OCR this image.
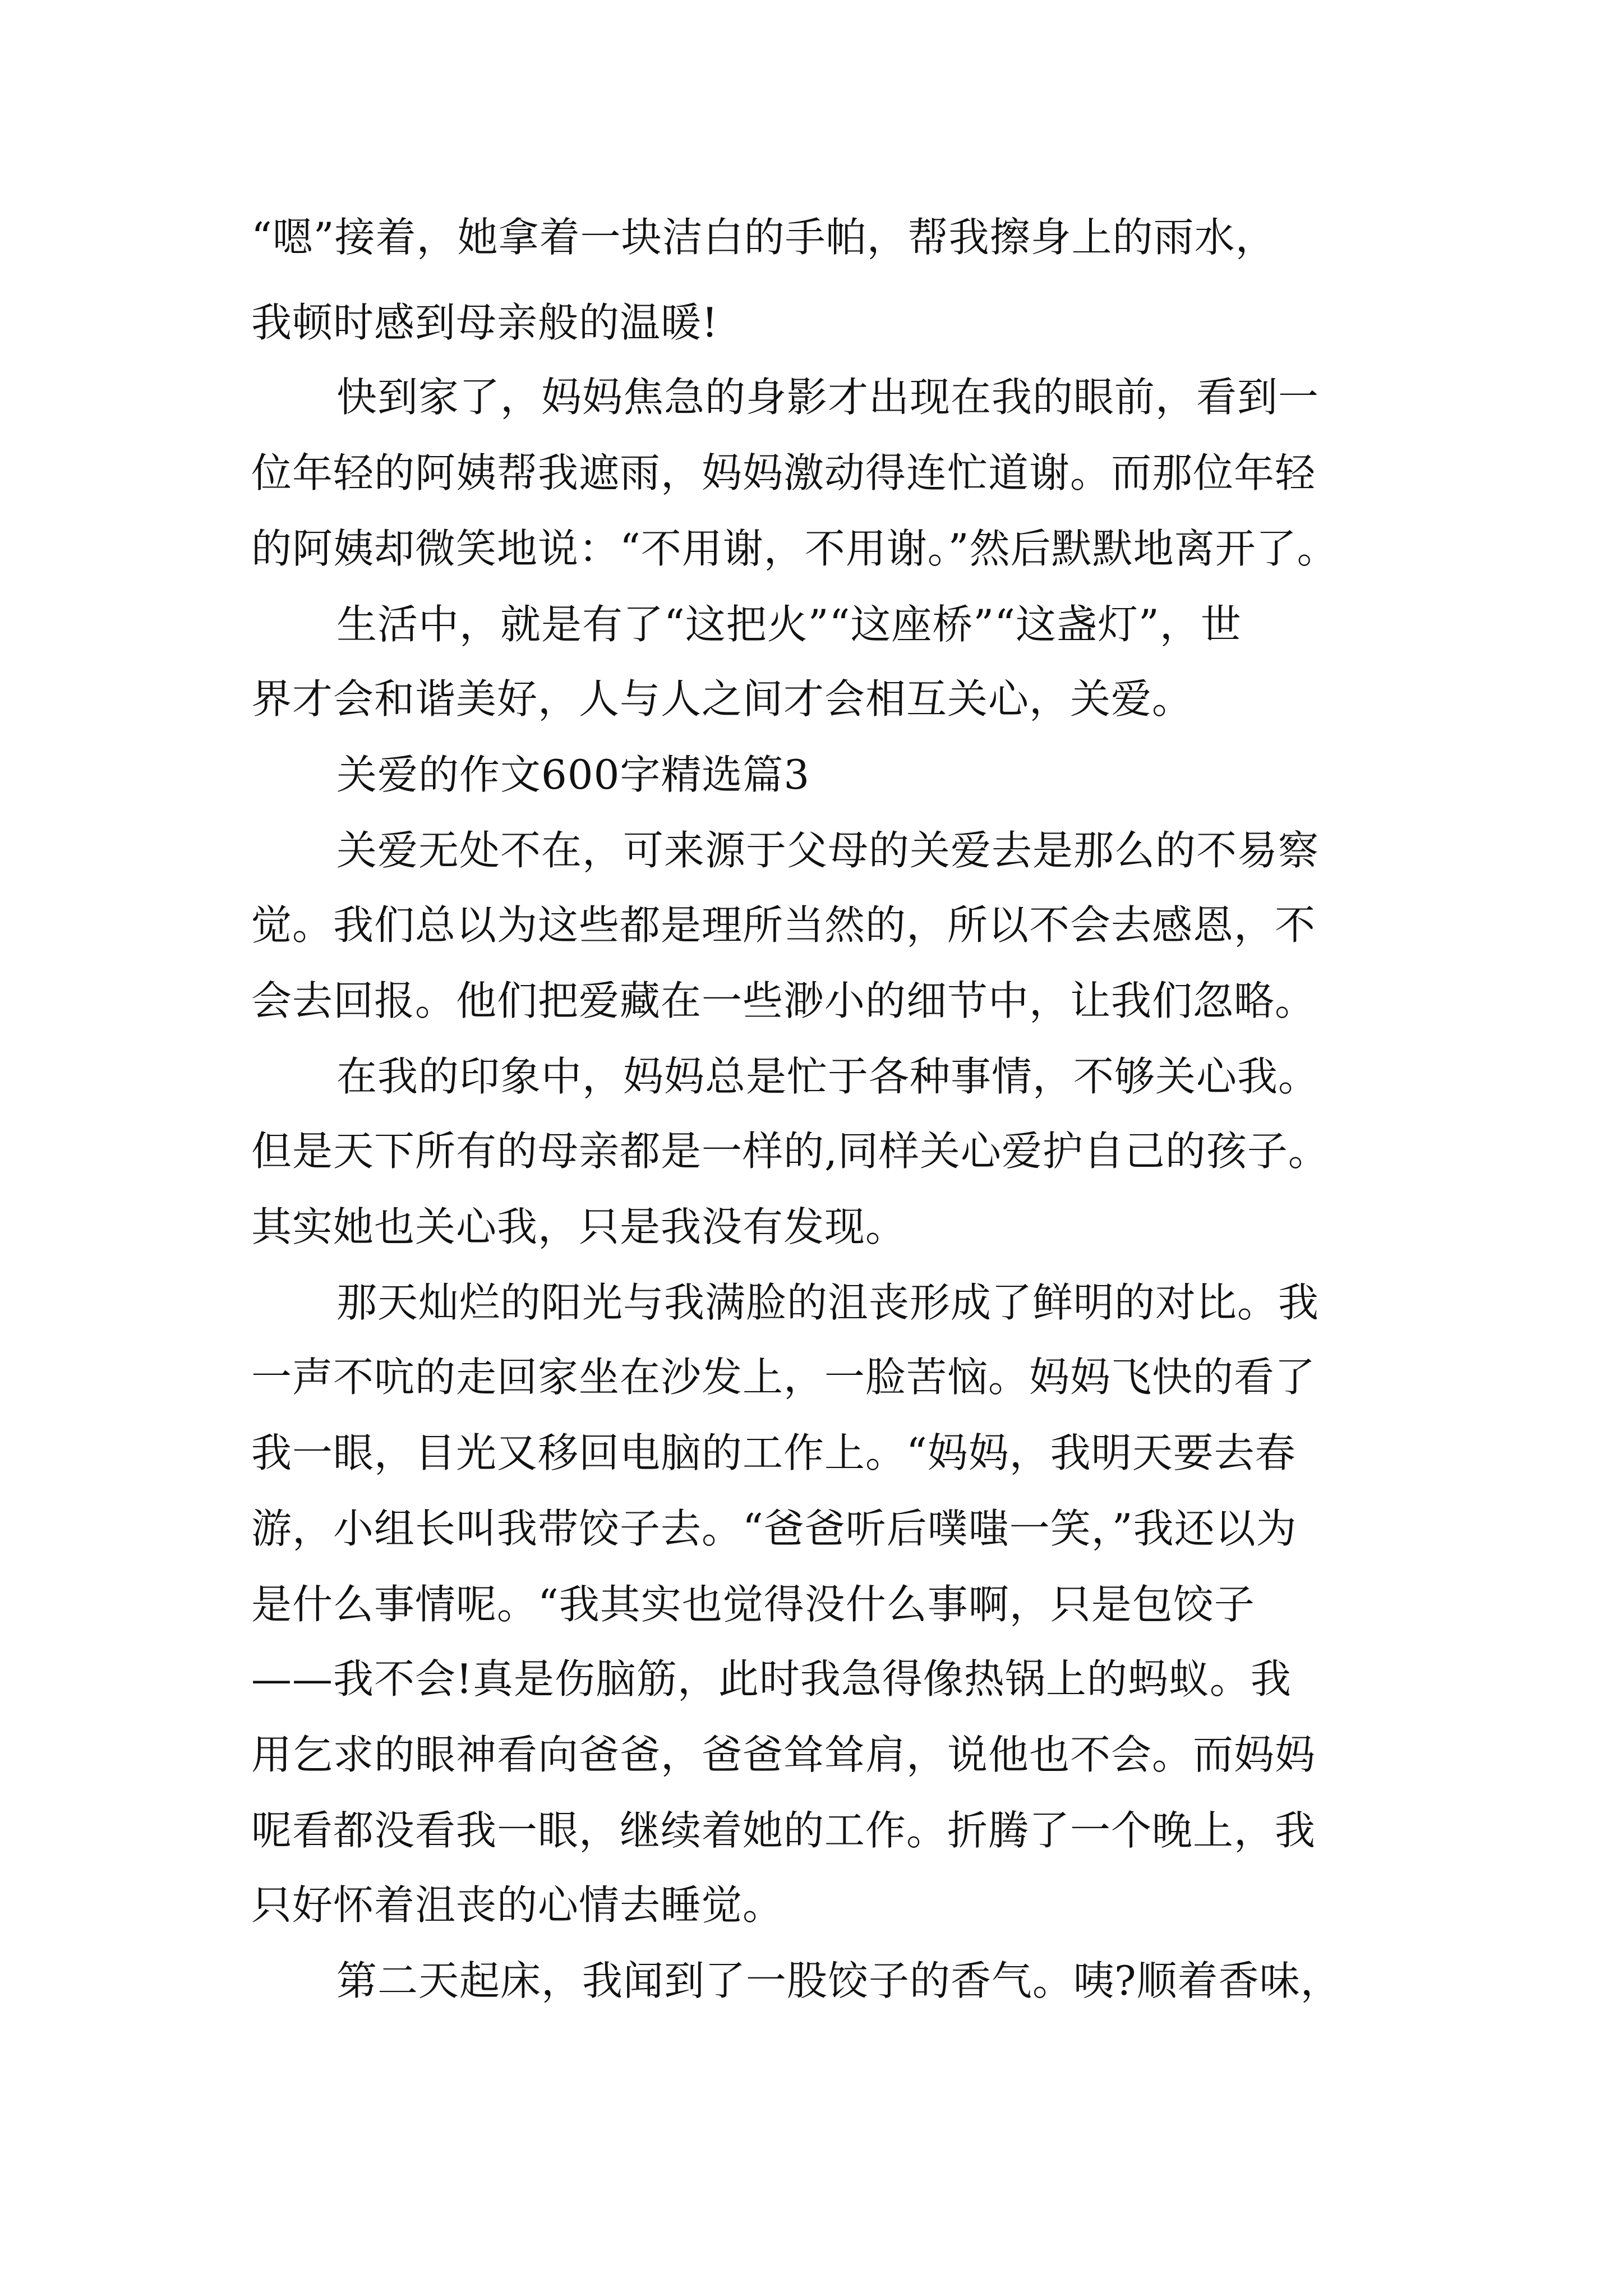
“嗯”接着，她拿着一块洁白的手帕，帮我擦身上的雨水，
我顿时感到母亲般的温暖!
快到家了，妈妈焦急的身影才出现在我的眼前，看到一
位年轻的阿姨帮我遮雨，妈妈激动得连忙道谢。而那位年轻
的阿姨却微笑地说：“不用谢，不用谢。”然后默默地离开了。
生活中，就是有了“这把火”“这座桥”“这盏灯”，世
界才会和谐美好，人与人之间才会相互关心，关爱。
关爱的作文600字精选篇3
关爱无处不在，可来源于父母的关爱去是那么的不易察
觉。我们总以为这些都是理所当然的，所以不会去感恩，不
会去回报。他们把爱藏在一些渺小的细节中，让我们忽略。
在我的印象中，妈妈总是忙于各种事情，不够关心我。
但是天下所有的母亲都是一样的,同样关心爱护自己的孩子。
其实她也关心我，只是我没有发现。
那天灿烂的阳光与我满脸的沮丧形成了鲜明的对比。我
一声不吭的走回家坐在沙发上，一脸苦恼。妈妈飞快的看了
我一眼，目光又移回电脑的工作上。“妈妈，我明天要去春
游，小组长叫我带饺子去。“爸爸听后噗嗤一笑，”我还以为
是什么事情呢。“我其实也觉得没什么事啊，只是包饺子
——我不会!真是伤脑筋，此时我急得像热锅上的蚂蚁。我
用乞求的眼神看向爸爸，爸爸耸耸肩，说他也不会。而妈妈
呢看都没看我一眼，继续着她的工作。折腾了一个晚上，我
只好怀着沮丧的心情去睡觉。
第二天起床，我闻到了一股饺子的香气。咦?顺着香味，
